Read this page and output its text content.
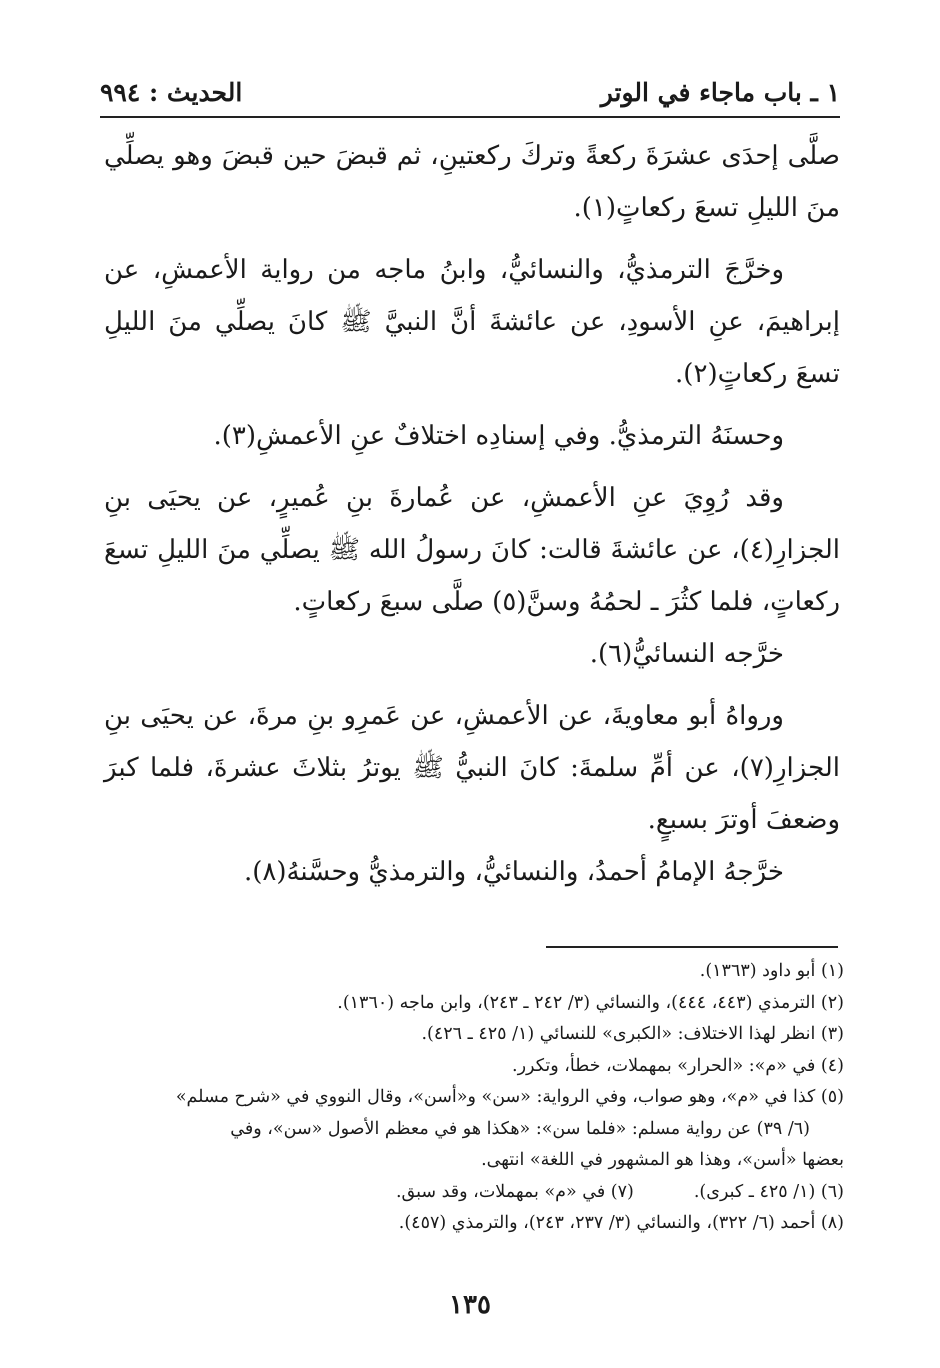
١ ـ باب ماجاء في الوتر
الحديث : ٩٩٤

صلَّى إحدَى عشرَةَ ركعةً وتركَ ركعتينِ، ثم قبضَ حين قبضَ وهو يصلِّي منَ الليلِ تسعَ ركعاتٍ(١).

وخرَّجَ الترمذيُّ، والنسائيُّ، وابنُ ماجه من رواية الأعمشِ، عن إبراهيمَ، عنِ الأسودِ، عن عائشةَ أنَّ النبيَّ ﷺ كانَ يصلِّي منَ الليلِ تسعَ ركعاتٍ(٢).

وحسنَهُ الترمذيُّ. وفي إسنادِه اختلافٌ عنِ الأعمشِ(٣).

وقد رُوِيَ عنِ الأعمشِ، عن عُمارةَ بنِ عُميرٍ، عن يحيَى بنِ الجزارِ(٤)، عن عائشةَ قالت: كانَ رسولُ الله ﷺ يصلِّي منَ الليلِ تسعَ ركعاتٍ، فلما كثُرَ ـ لحمُهُ وسنَّ(٥) صلَّى سبعَ ركعاتٍ.

خرَّجه النسائيُّ(٦).

ورواهُ أبو معاويةَ، عن الأعمشِ، عن عَمرِو بنِ مرةَ، عن يحيَى بنِ الجزارِ(٧)، عن أمِّ سلمةَ: كانَ النبيُّ ﷺ يوترُ بثلاثَ عشرةَ، فلما كبرَ وضعفَ أوترَ بسبعٍ.

خرَّجهُ الإمامُ أحمدُ، والنسائيُّ، والترمذيُّ وحسَّنهُ(٨).

(١) أبو داود (١٣٦٣).

(٢) الترمذي (٤٤٣، ٤٤٤)، والنسائي (٣/ ٢٤٢ ـ ٢٤٣)، وابن ماجه (١٣٦٠).

(٣) انظر لهذا الاختلاف: «الكبرى» للنسائي (١/ ٤٢٥ ـ ٤٢٦).

(٤) في «م»: «الحرار» بمهملات، خطأ، وتكرر.

(٥) كذا في «م»، وهو صواب، وفي الرواية: «سن» و«أسن»، وقال النووي في «شرح مسلم»

(٦/ ٣٩) عن رواية مسلم: «فلما سن»: «هكذا هو في معظم الأصول «سن»، وفي

بعضها «أسن»، وهذا هو المشهور في اللغة» انتهى.

(٦) (١/ ٤٢٥ ـ كبرى).
(٧) في «م» بمهملات، وقد سبق.

(٨) أحمد (٦/ ٣٢٢)، والنسائي (٣/ ٢٣٧، ٢٤٣)، والترمذي (٤٥٧).

١٣٥
